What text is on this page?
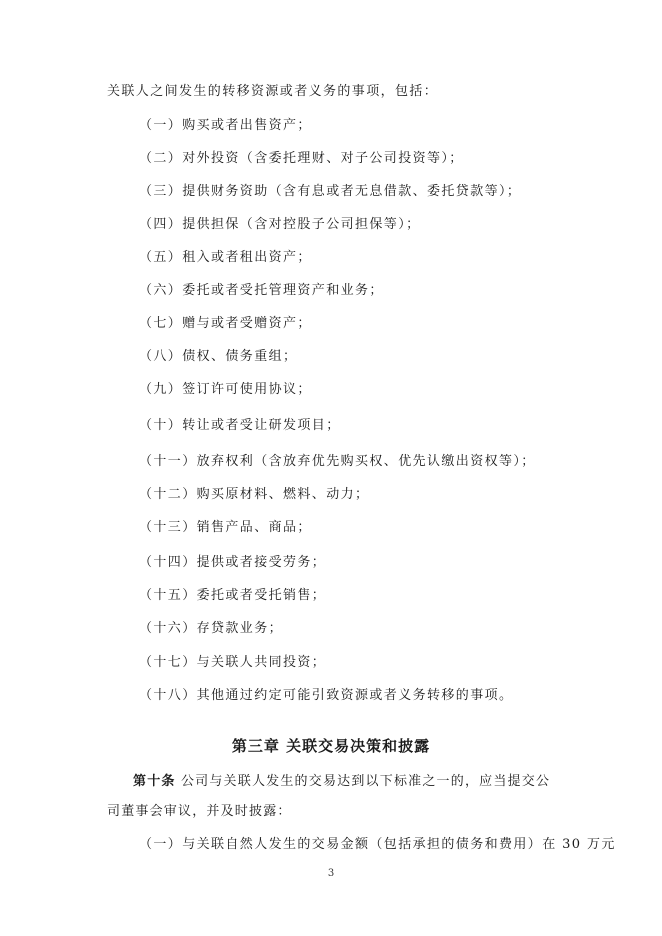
关联人之间发生的转移资源或者义务的事项，包括：
（一）购买或者出售资产；
（二）对外投资（含委托理财、对子公司投资等）；
（三）提供财务资助（含有息或者无息借款、委托贷款等）；
（四）提供担保（含对控股子公司担保等）；
（五）租入或者租出资产；
（六）委托或者受托管理资产和业务；
（七）赠与或者受赠资产；
（八）债权、债务重组；
（九）签订许可使用协议；
（十）转让或者受让研发项目；
（十一）放弃权利（含放弃优先购买权、优先认缴出资权等）；
（十二）购买原材料、燃料、动力；
（十三）销售产品、商品；
（十四）提供或者接受劳务；
（十五）委托或者受托销售；
（十六）存贷款业务；
（十七）与关联人共同投资；
（十八）其他通过约定可能引致资源或者义务转移的事项。
第三章 关联交易决策和披露
第十条 公司与关联人发生的交易达到以下标准之一的，应当提交公司董事会审议，并及时披露：
（一）与关联自然人发生的交易金额（包括承担的债务和费用）在 30 万元
3
